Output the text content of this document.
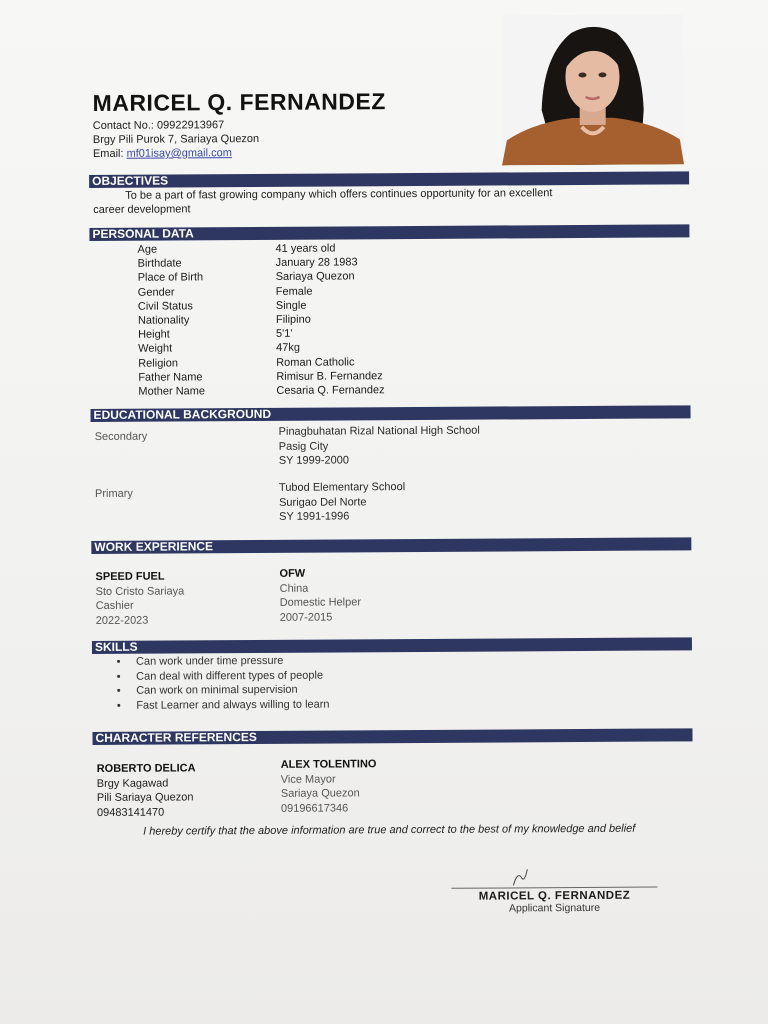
MARICEL Q. FERNANDEZ
Contact No.: 09922913967
Brgy Pili Purok 7, Sariaya Quezon
Email: mf01isay@gmail.com
OBJECTIVES
To be a part of fast growing company which offers continues opportunity for an excellent
career development
PERSONAL DATA
Age
Birthdate
Place of Birth
Gender
Civil Status
Nationality
Height
Weight
Religion
Father Name
Mother Name
41 years old
January 28 1983
Sariaya Quezon
Female
Single
Filipino
5'1'
47kg
Roman Catholic
Rimisur B. Fernandez
Cesaria Q. Fernandez
EDUCATIONAL BACKGROUND
Secondary	Pinagbuhatan Rizal National High School
Pasig City
SY 1999-2000
Primary
Tubod Elementary School
Surigao Del Norte
SY 1991-1996
WORK EXPERIENCE
SPEED FUEL
Sto Cristo Sariaya
Cashier
2022-2023
OFW
China
Domestic Helper
2007-2015
SKILLS
• Can work under time pressure
• Can deal with different types of people
• Can work on minimal supervision
• Fast Learner and always willing to learn
CHARACTER REFERENCES
ROBERTO DELICA
Brgy Kagawad
Pili Sariaya Quezon
09483141470
ALEX TOLENTINO
Vice Mayor
Sariaya Quezon
09196617346
I hereby certify that the above information are true and correct to the best of my knowledge and belief
MARICEL Q. FERNANDEZ
Applicant Signature
